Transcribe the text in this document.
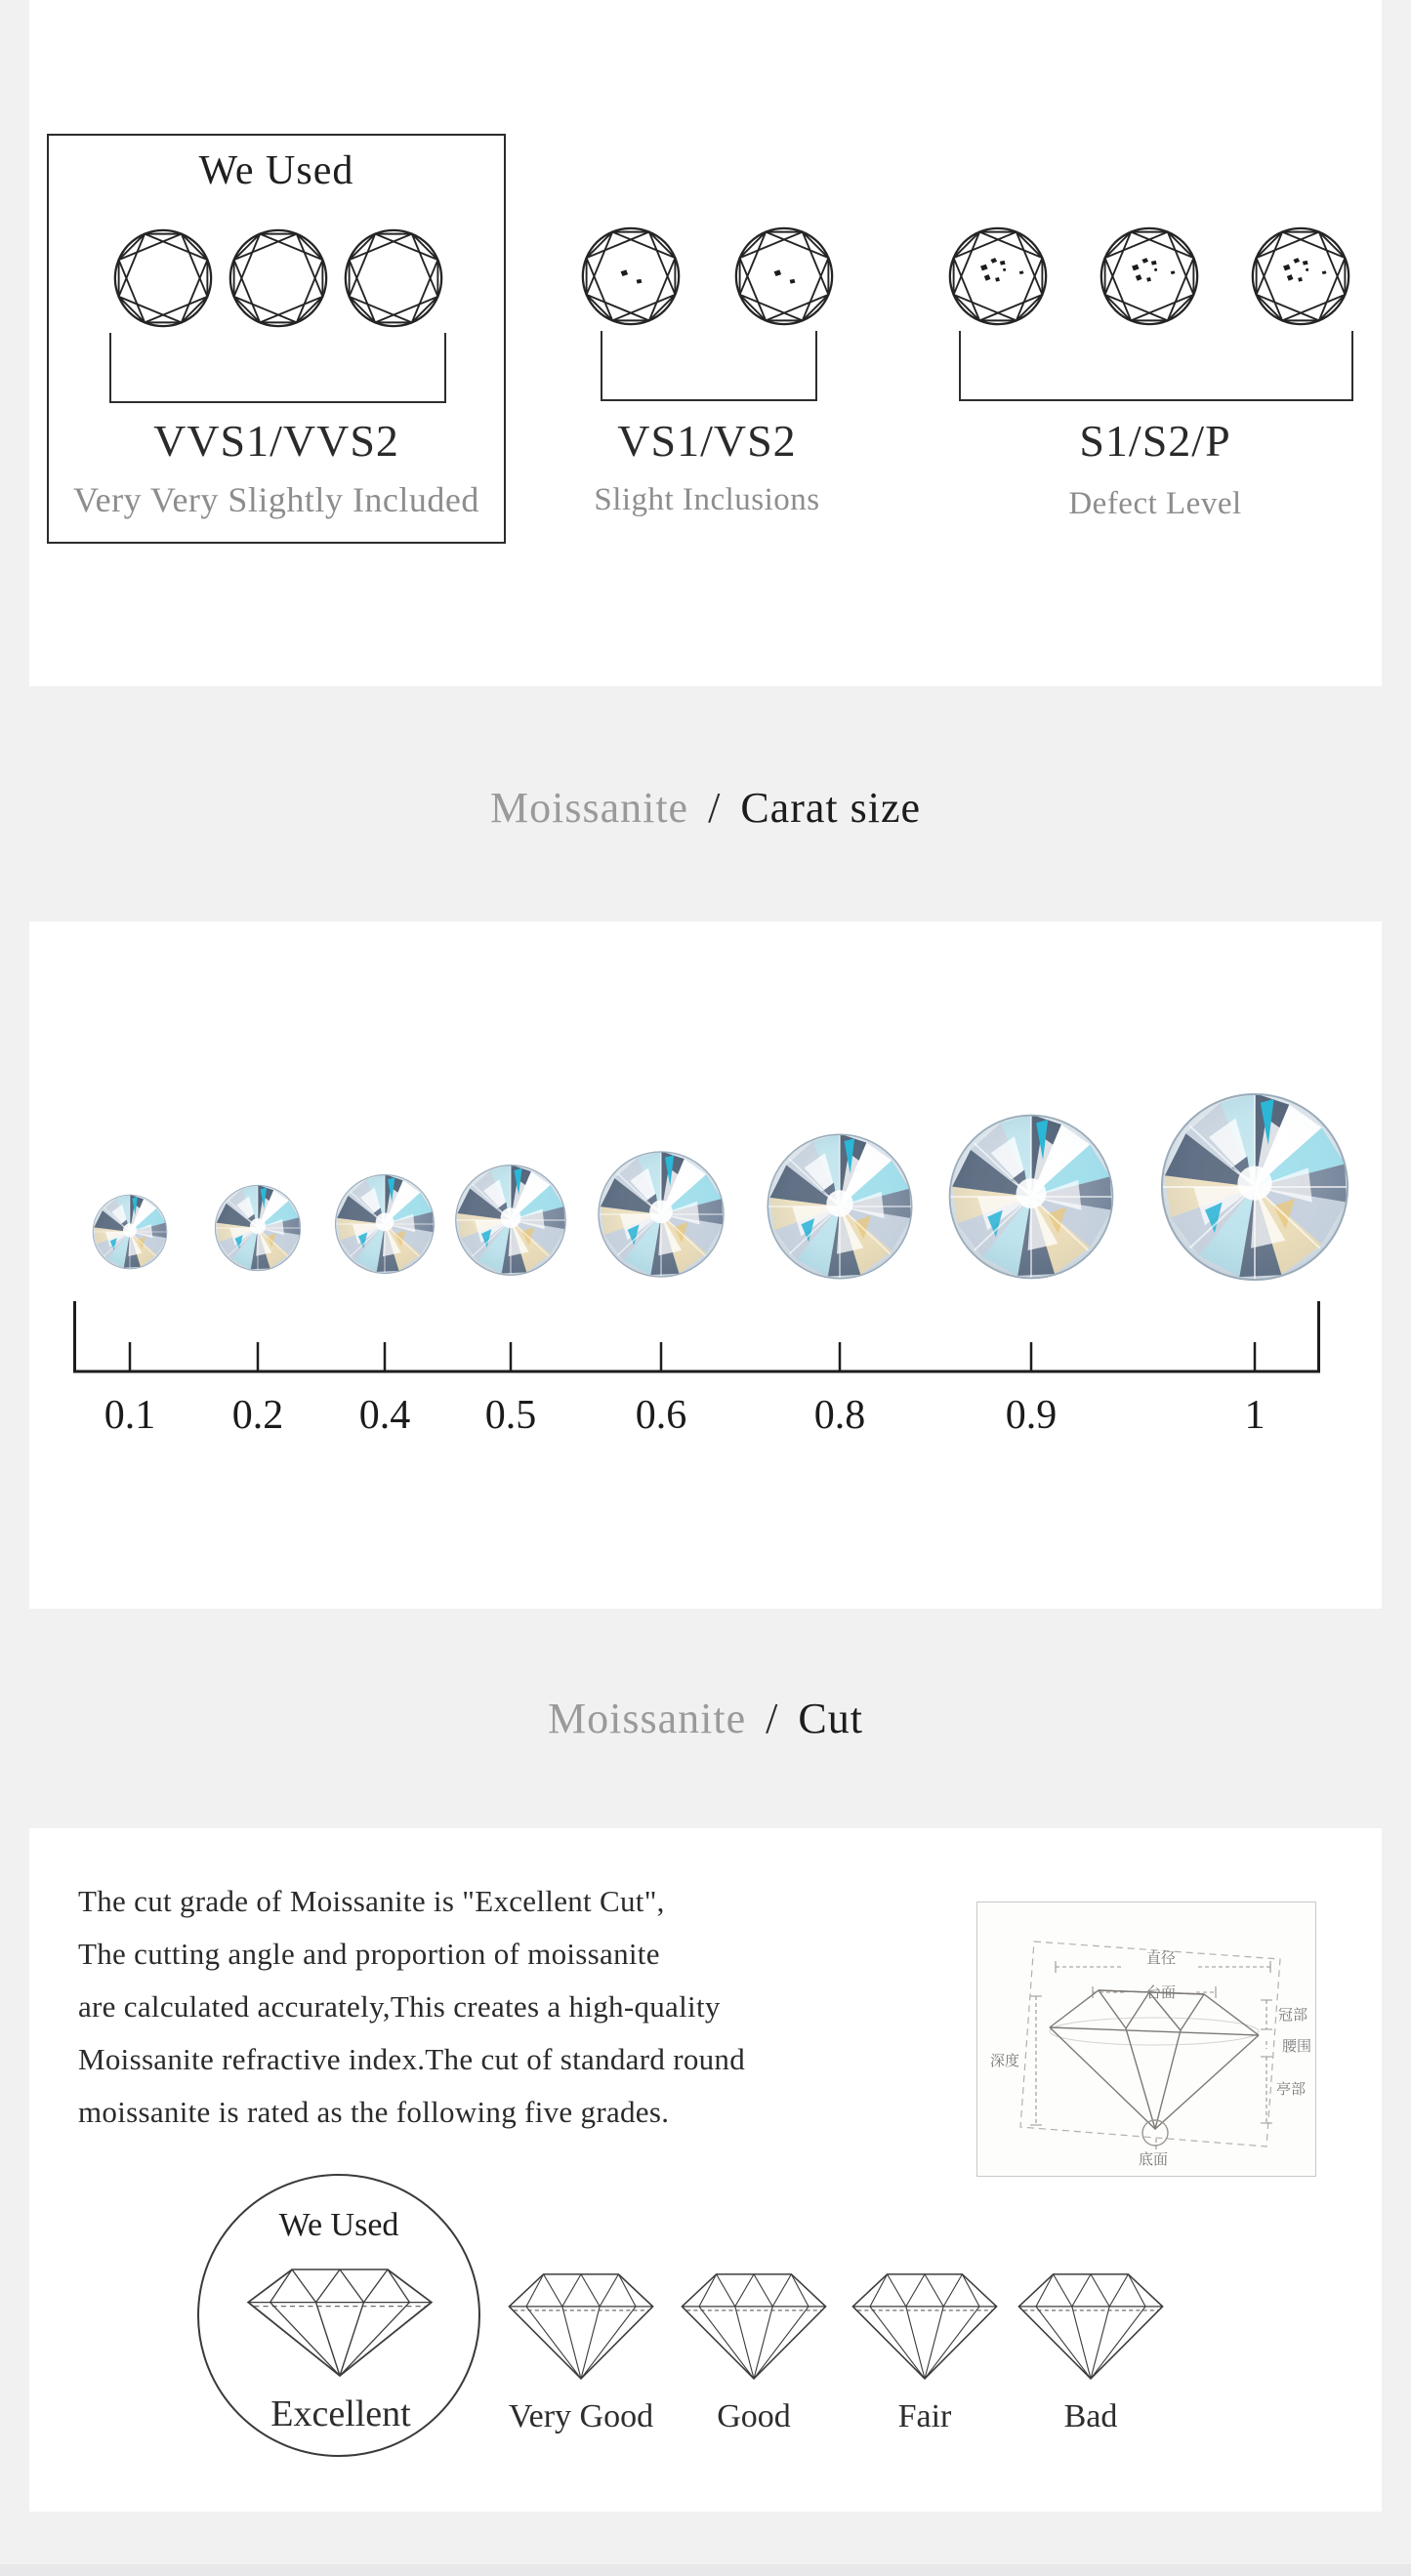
We Used
VVS1/VVS2
Very Very Slightly Included
VS1/VS2
Slight Inclusions
S1/S2/P
Defect Level
Moissanite / Carat size
0.1	0.2	0.4	0.5	0.6	0.8	0.9	1
Moissanite / Cut
The cut grade of Moissanite is "Excellent Cut",
The cutting angle and proportion of moissanite
are calculated accurately,This creates a high-quality
Moissanite refractive index.The cut of standard round
moissanite is rated as the following five grades.
直径
台面
深度
冠部
腰围
亭部
底面
We Used
Excellent	Very Good	Good	Fair	Bad
